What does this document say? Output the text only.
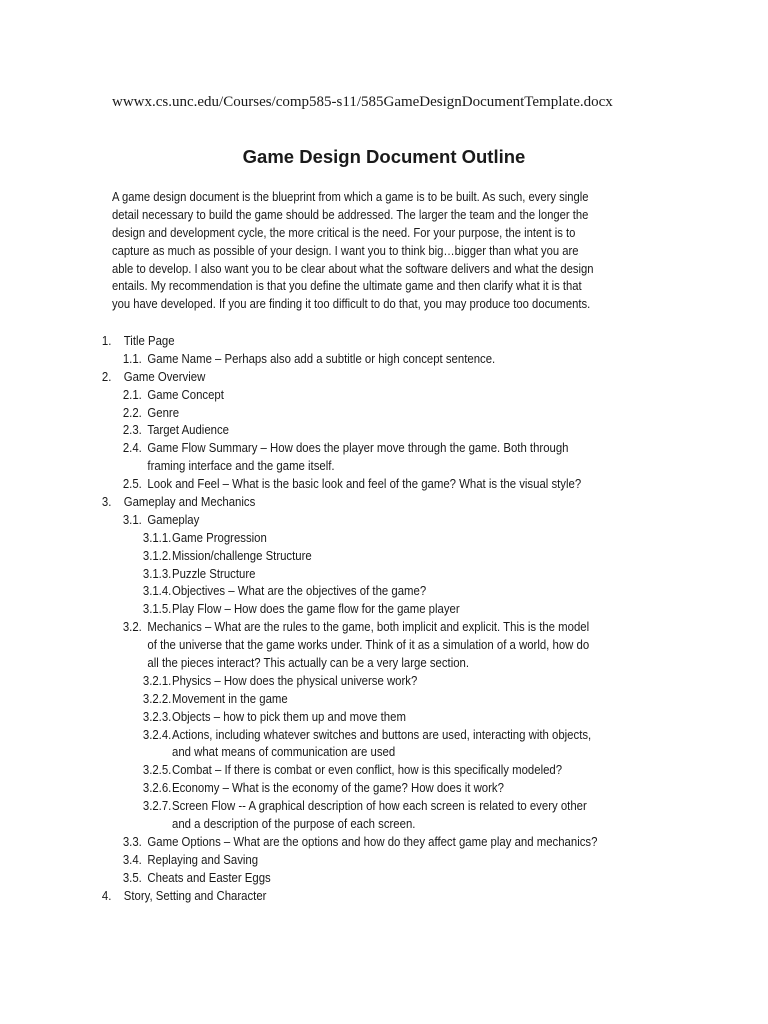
wwwx.cs.unc.edu/Courses/comp585-s11/585GameDesignDocumentTemplate.docx
Game Design Document Outline
A game design document is the blueprint from which a game is to be built. As such, every single
detail necessary to build the game should be addressed. The larger the team and the longer the
design and development cycle, the more critical is the need. For your purpose, the intent is to
capture as much as possible of your design. I want you to think big…bigger than what you are
able to develop. I also want you to be clear about what the software delivers and what the design
entails. My recommendation is that you define the ultimate game and then clarify what it is that
you have developed. If you are finding it too difficult to do that, you may produce too documents.
1. Title Page
1.1. Game Name – Perhaps also add a subtitle or high concept sentence.
2. Game Overview
2.1. Game Concept
2.2. Genre
2.3. Target Audience
2.4. Game Flow Summary – How does the player move through the game. Both through
framing interface and the game itself.
2.5. Look and Feel – What is the basic look and feel of the game? What is the visual style?
3. Gameplay and Mechanics
3.1. Gameplay
3.1.1. Game Progression
3.1.2. Mission/challenge Structure
3.1.3. Puzzle Structure
3.1.4. Objectives – What are the objectives of the game?
3.1.5. Play Flow – How does the game flow for the game player
3.2. Mechanics – What are the rules to the game, both implicit and explicit. This is the model
of the universe that the game works under. Think of it as a simulation of a world, how do
all the pieces interact? This actually can be a very large section.
3.2.1. Physics – How does the physical universe work?
3.2.2. Movement in the game
3.2.3. Objects – how to pick them up and move them
3.2.4. Actions, including whatever switches and buttons are used, interacting with objects,
and what means of communication are used
3.2.5. Combat – If there is combat or even conflict, how is this specifically modeled?
3.2.6. Economy – What is the economy of the game? How does it work?
3.2.7. Screen Flow -- A graphical description of how each screen is related to every other
and a description of the purpose of each screen.
3.3. Game Options – What are the options and how do they affect game play and mechanics?
3.4. Replaying and Saving
3.5. Cheats and Easter Eggs
4. Story, Setting and Character
